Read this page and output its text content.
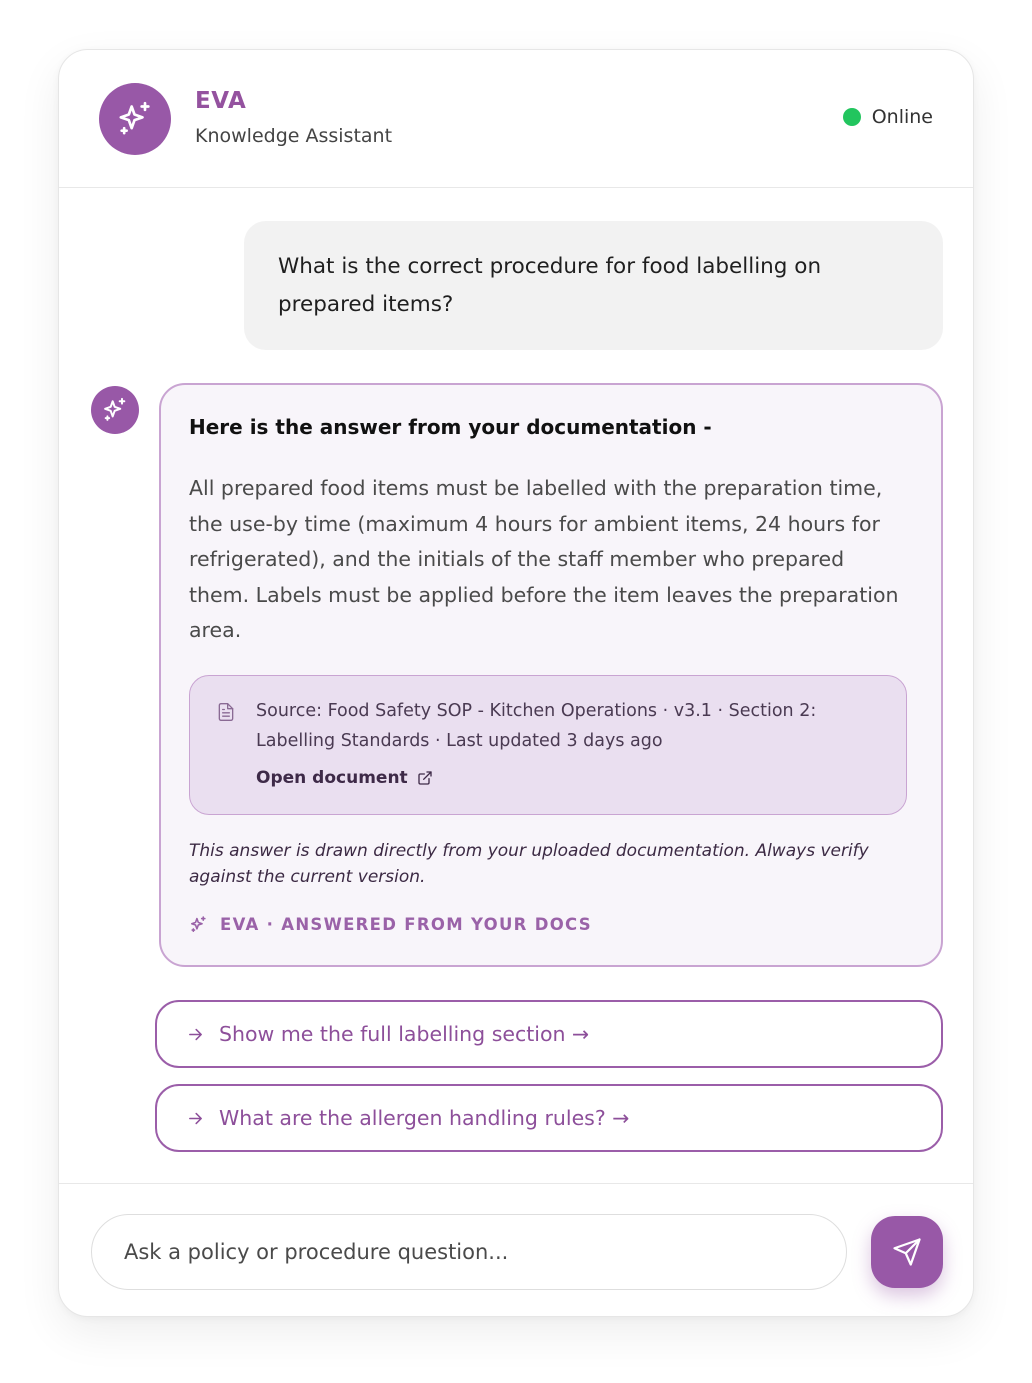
EVA
Knowledge Assistant
Online
What is the correct procedure for food labelling on prepared items?
Here is the answer from your documentation -
All prepared food items must be labelled with the preparation time, the use-by time (maximum 4 hours for ambient items, 24 hours for refrigerated), and the initials of the staff member who prepared them. Labels must be applied before the item leaves the preparation area.
Source: Food Safety SOP - Kitchen Operations · v3.1 · Section 2: Labelling Standards · Last updated 3 days ago
Open document
This answer is drawn directly from your uploaded documentation. Always verify against the current version.
EVA · ANSWERED FROM YOUR DOCS
Show me the full labelling section →
What are the allergen handling rules? →
Ask a policy or procedure question...
